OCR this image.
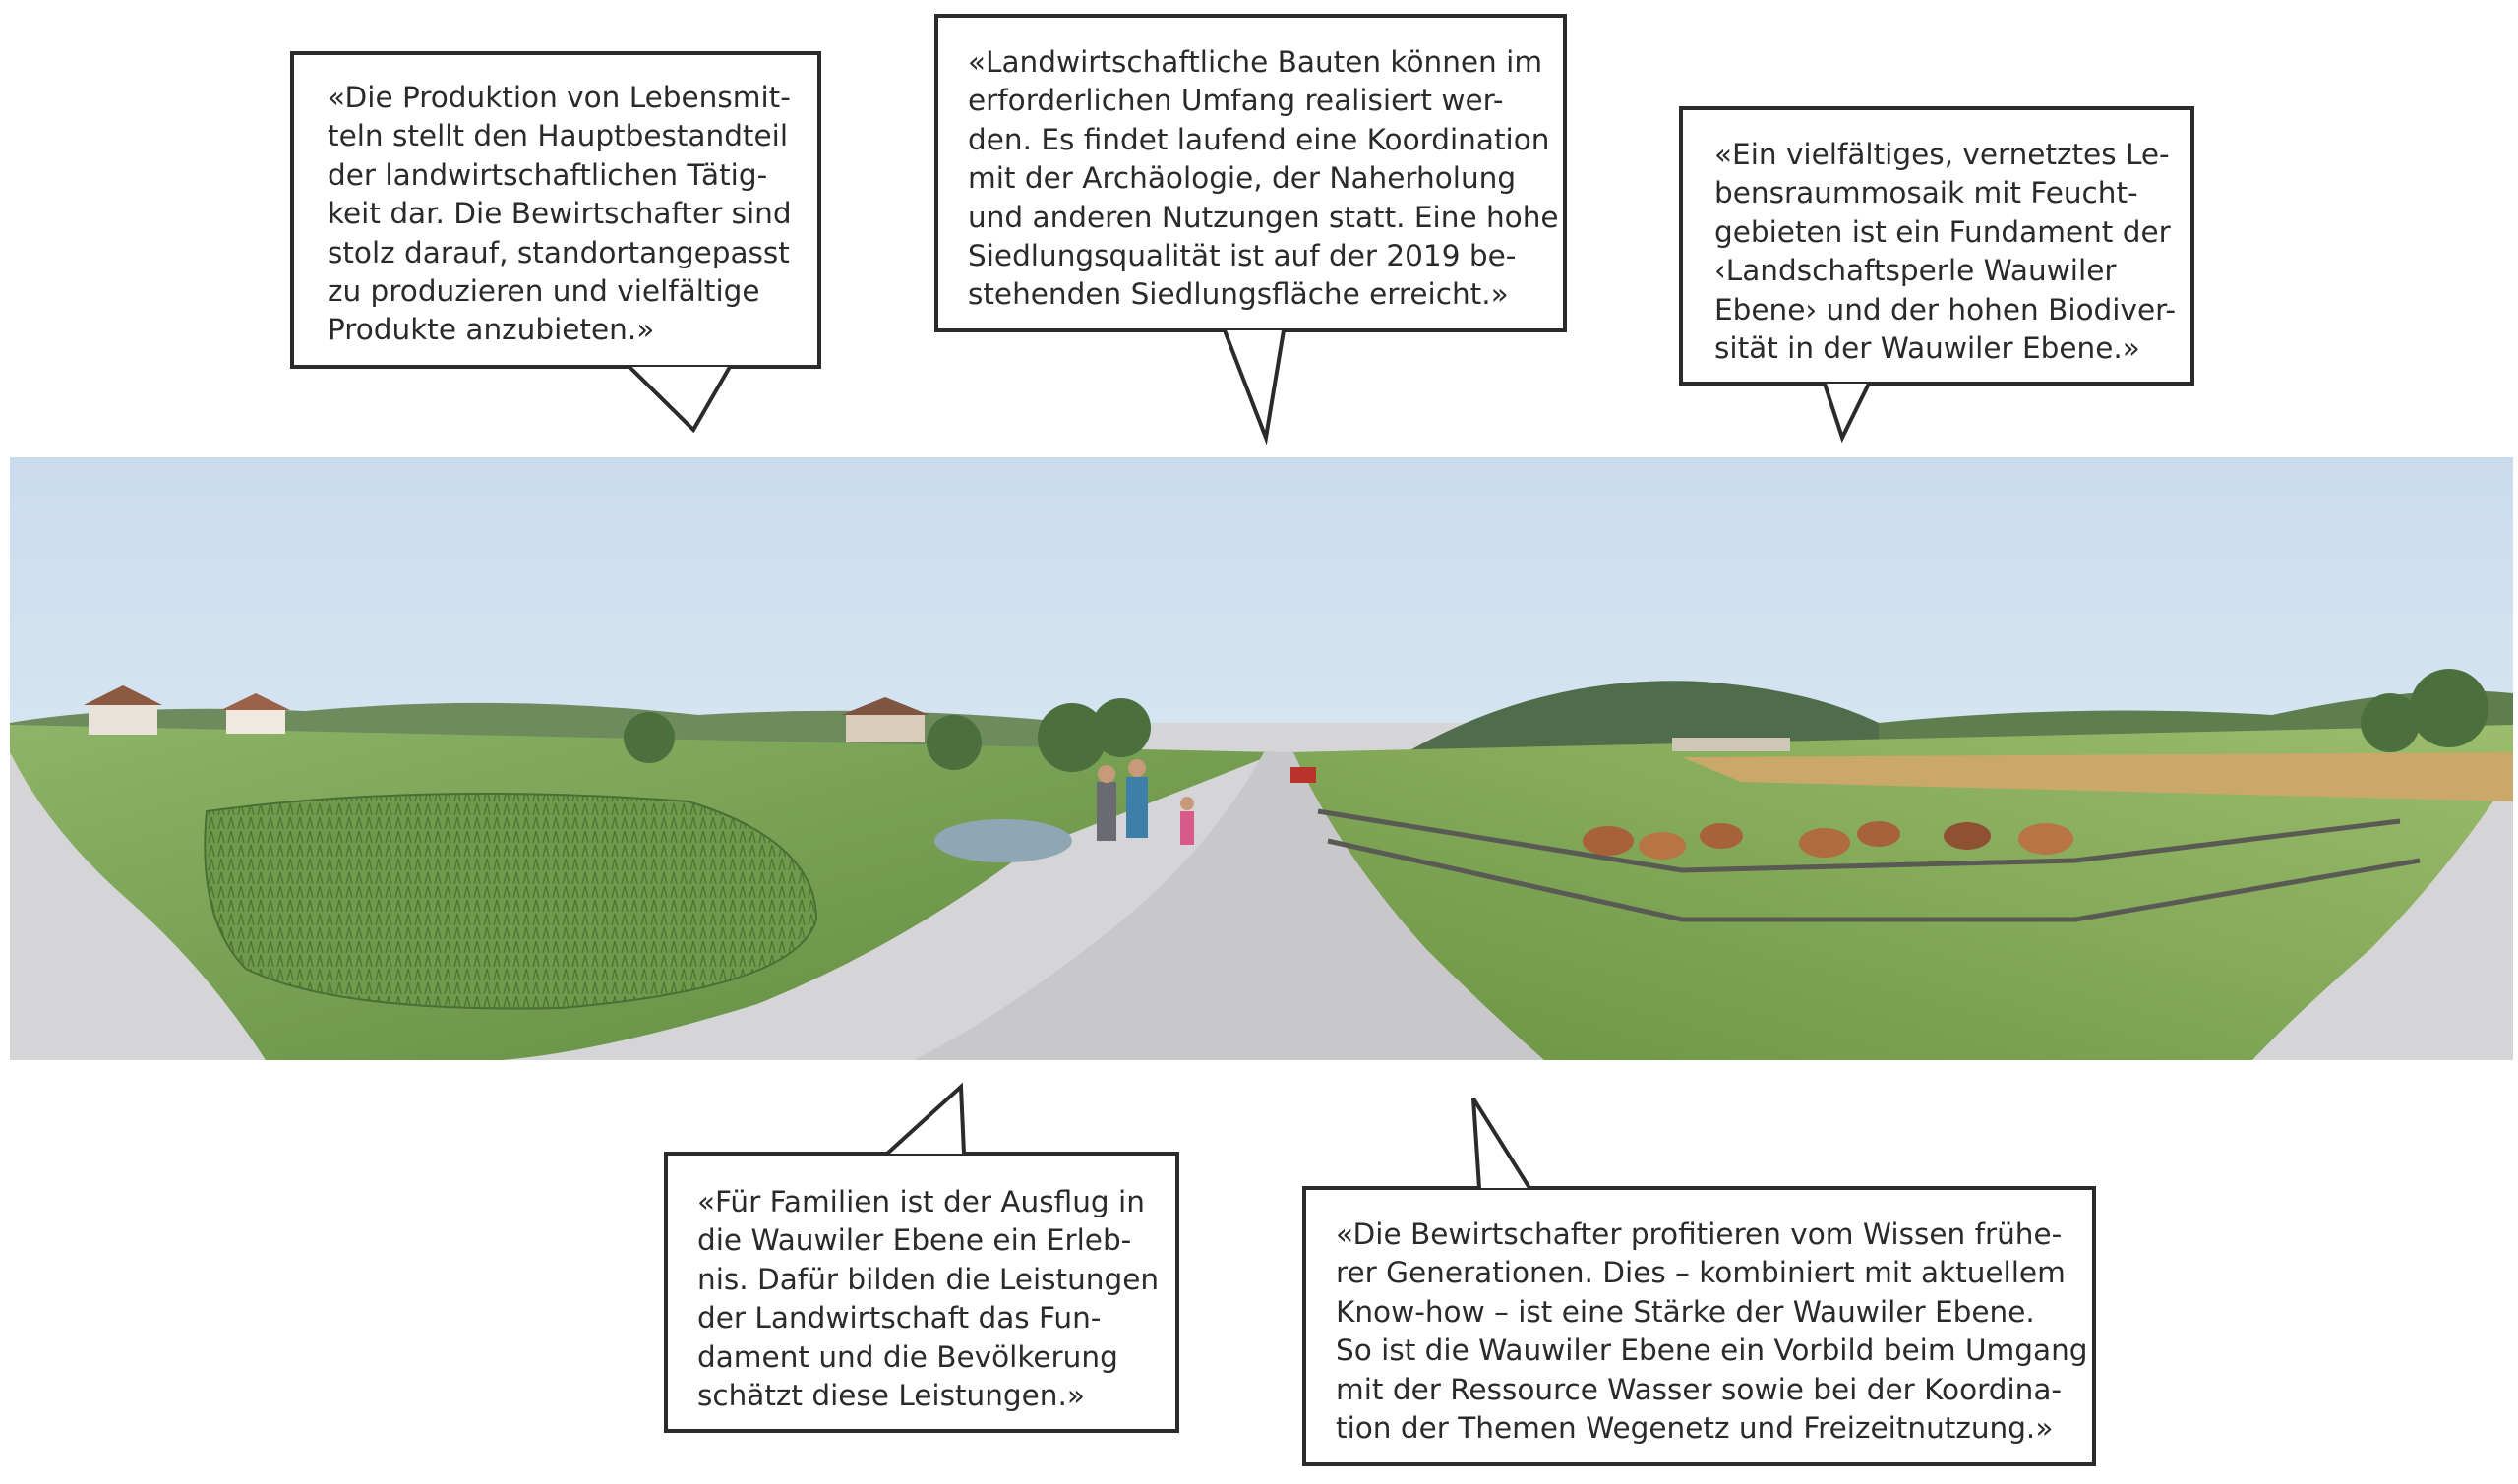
«Die Produktion von Lebensmit-
teln stellt den Hauptbestandteil
der landwirtschaftlichen Tätig-
keit dar. Die Bewirtschafter sind
stolz darauf, standortangepasst
zu produzieren und vielfältige
Produkte anzubieten.»
«Landwirtschaftliche Bauten können im
erforderlichen Umfang realisiert wer-
den. Es findet laufend eine Koordination
mit der Archäologie, der Naherholung
und anderen Nutzungen statt. Eine hohe
Siedlungsqualität ist auf der 2019 be-
stehenden Siedlungsfläche erreicht.»
«Ein vielfältiges, vernetztes Le-
bensraummosaik mit Feucht-
gebieten ist ein Fundament der
‹Landschaftsperle Wauwiler
Ebene› und der hohen Biodiver-
sität in der Wauwiler Ebene.»
«Für Familien ist der Ausflug in
die Wauwiler Ebene ein Erleb-
nis. Dafür bilden die Leistungen
der Landwirtschaft das Fun-
dament und die Bevölkerung
schätzt diese Leistungen.»
«Die Bewirtschafter profitieren vom Wissen frühe-
rer Generationen. Dies – kombiniert mit aktuellem
Know-how – ist eine Stärke der Wauwiler Ebene.
So ist die Wauwiler Ebene ein Vorbild beim Umgang
mit der Ressource Wasser sowie bei der Koordina-
tion der Themen Wegenetz und Freizeitnutzung.»
